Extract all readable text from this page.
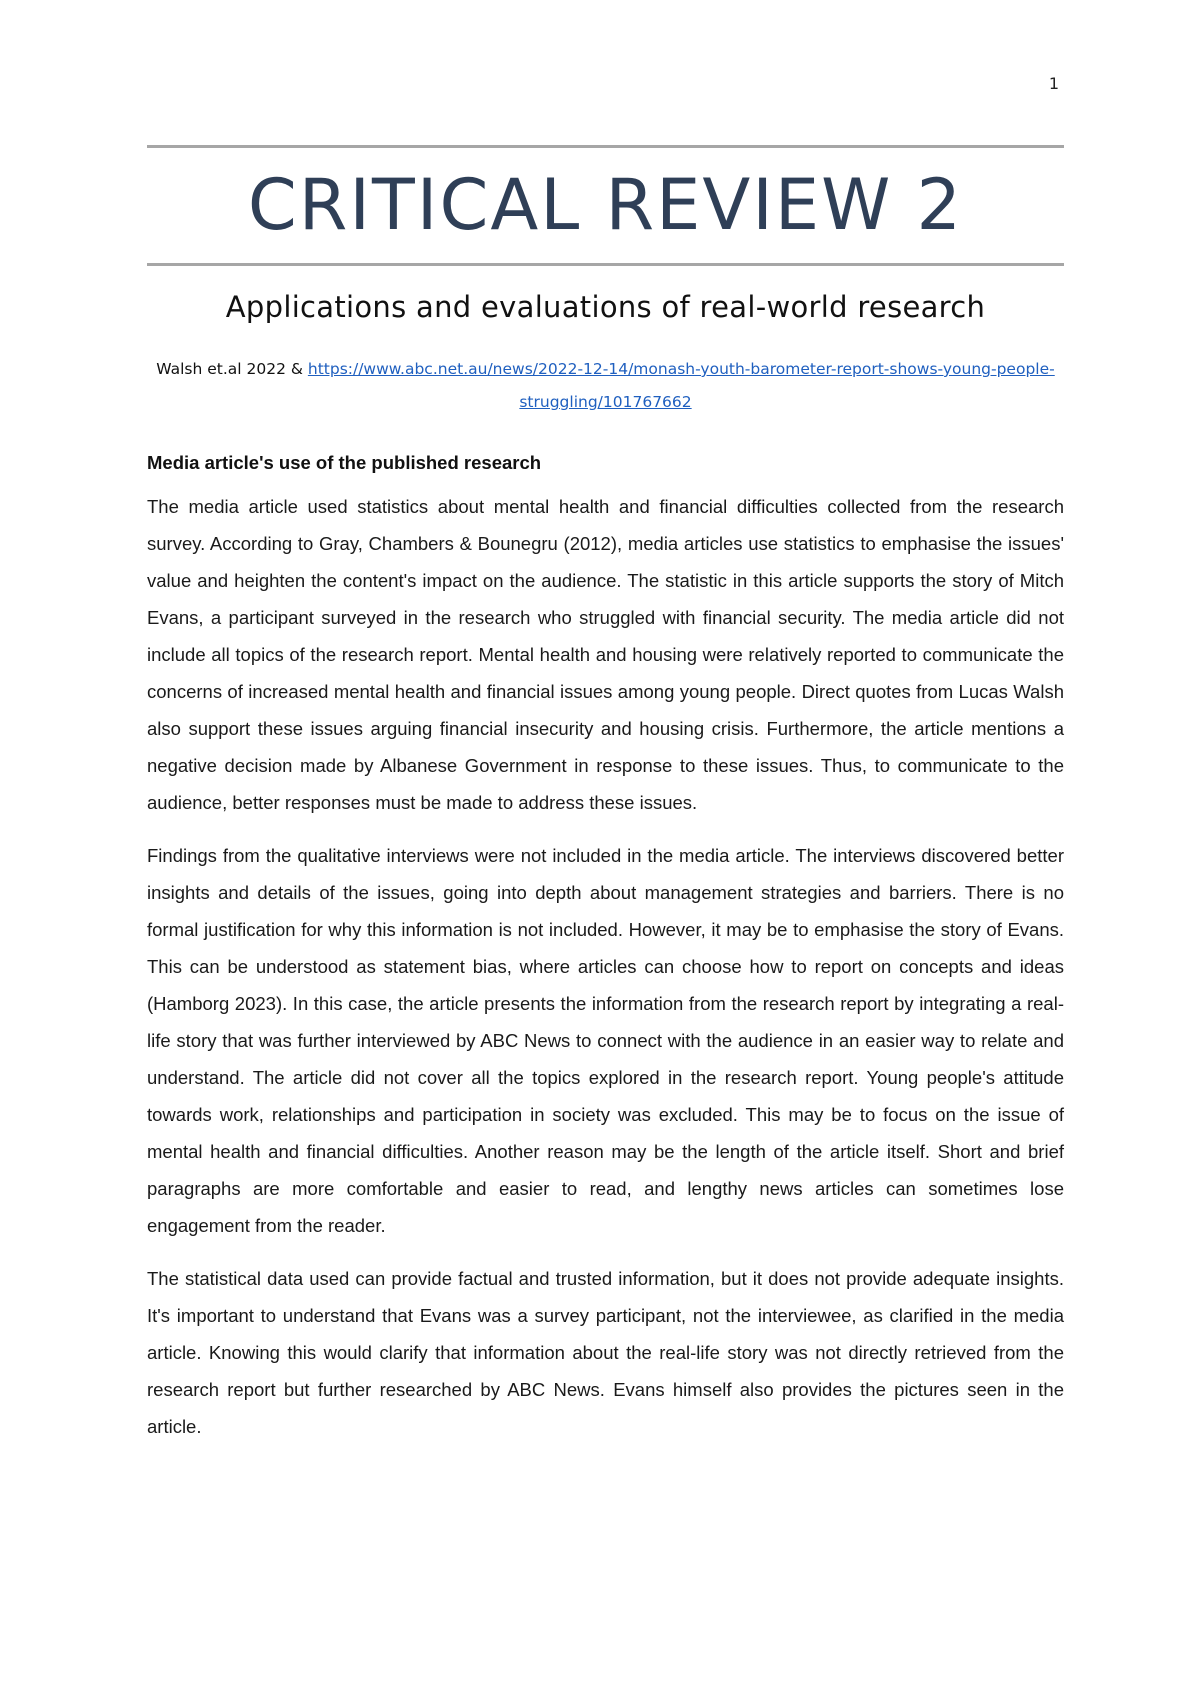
1
CRITICAL REVIEW 2
Applications and evaluations of real-world research
Walsh et.al 2022 & https://www.abc.net.au/news/2022-12-14/monash-youth-barometer-report-shows-young-people-struggling/101767662
Media article's use of the published research

The media article used statistics about mental health and financial difficulties collected from the research survey. According to Gray, Chambers & Bounegru (2012), media articles use statistics to emphasise the issues' value and heighten the content's impact on the audience. The statistic in this article supports the story of Mitch Evans, a participant surveyed in the research who struggled with financial security. The media article did not include all topics of the research report. Mental health and housing were relatively reported to communicate the concerns of increased mental health and financial issues among young people. Direct quotes from Lucas Walsh also support these issues arguing financial insecurity and housing crisis. Furthermore, the article mentions a negative decision made by Albanese Government in response to these issues. Thus, to communicate to the audience, better responses must be made to address these issues.

Findings from the qualitative interviews were not included in the media article. The interviews discovered better insights and details of the issues, going into depth about management strategies and barriers. There is no formal justification for why this information is not included. However, it may be to emphasise the story of Evans. This can be understood as statement bias, where articles can choose how to report on concepts and ideas (Hamborg 2023). In this case, the article presents the information from the research report by integrating a real-life story that was further interviewed by ABC News to connect with the audience in an easier way to relate and understand. The article did not cover all the topics explored in the research report. Young people's attitude towards work, relationships and participation in society was excluded. This may be to focus on the issue of mental health and financial difficulties. Another reason may be the length of the article itself. Short and brief paragraphs are more comfortable and easier to read, and lengthy news articles can sometimes lose engagement from the reader.

The statistical data used can provide factual and trusted information, but it does not provide adequate insights. It's important to understand that Evans was a survey participant, not the interviewee, as clarified in the media article. Knowing this would clarify that information about the real-life story was not directly retrieved from the research report but further researched by ABC News. Evans himself also provides the pictures seen in the article.
